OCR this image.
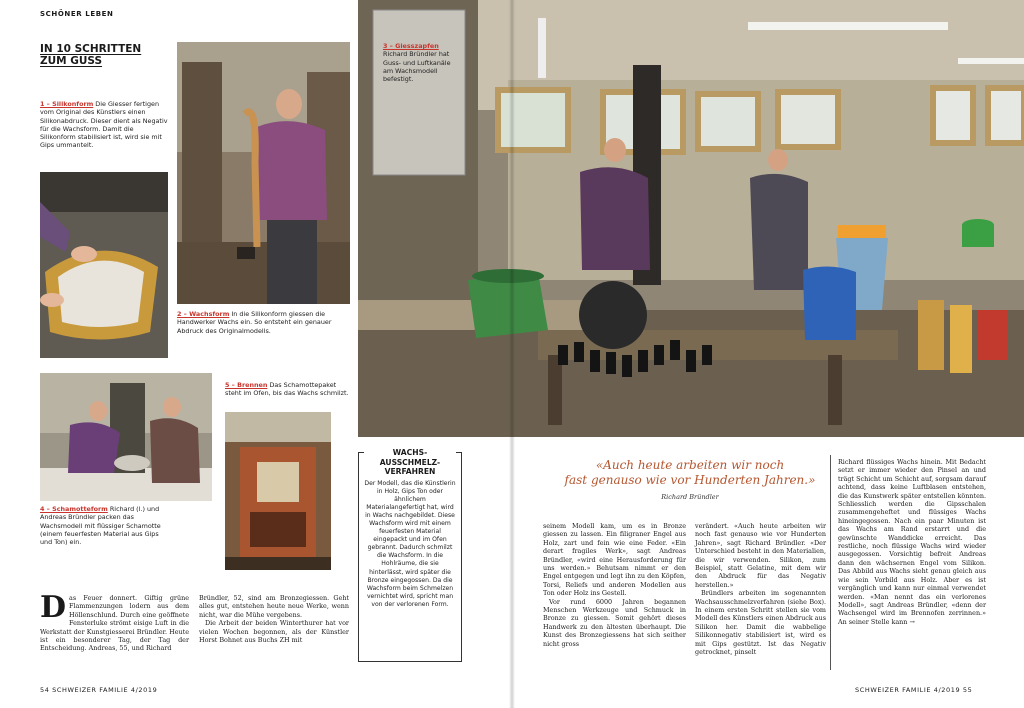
SCHÖNER LEBEN
IN 10 SCHRITTEN
ZUM GUSS
1 – Silikonform Die Giesser fertigen vom Original des Künstlers einen Silikonabdruck. Dieser dient als Negativ für die Wachsform. Damit die Silikonform stabilisiert ist, wird sie mit Gips ummantelt.
2 – Wachsform In die Silikonform giessen die Handwerker Wachs ein. So entsteht ein genauer Abdruck des Originalmodells.
4 – Schamotteform Richard (l.) und Andreas Bründler packen das Wachsmodell mit flüssiger Schamotte (einem feuerfesten Material aus Gips und Ton) ein.
5 – Brennen Das Schamottepaket steht im Ofen, bis das Wachs schmilzt.

Das Feuer donnert. Giftig grüne Flammenzungen lodern aus dem Höllenschlund. Durch eine geöffnete Fensterluke strömt eisige Luft in die Werkstatt der Kunstgiesserei Bründler. Heute ist ein besonderer Tag, der Tag der Entscheidung. Andreas, 55, und Richard

Bründler, 52, sind am Bronzegiessen. Geht alles gut, entstehen heute neue Werke, wenn nicht, war die Mühe vergebens.

Die Arbeit der beiden Winterthurer hat vor vielen Wochen begonnen, als der Künstler Horst Bohnet aus Buchs ZH mit

54 SCHWEIZER FAMILIE 4/2019
3 – Giesszapfen Richard Bründler hat Guss- und Luftkanäle am Wachsmodell befestigt.
WACHS-
AUSSCHMELZ-
VERFAHREN
Der Modell, das die Künstlerin in Holz, Gips Ton oder ähnlichem Materialangefertigt hat, wird in Wachs nachgebildet. Diese Wachsform wird mit einem feuerfesten Material eingepackt und im Ofen gebrannt. Dadurch schmilzt die Wachsform. In die Hohlräume, die sie hinterlässt, wird später die Bronze eingegossen. Da die Wachsform beim Schmelzen vernichtet wird, spricht man von der verlorenen Form.
«Auch heute arbeiten wir noch
fast genauso wie vor Hunderten Jahren.»
Richard Bründler

seinem Modell kam, um es in Bronze giessen zu lassen. Ein filigraner Engel aus Holz, zart und fein wie eine Feder. «Ein derart fragiles Werk», sagt Andreas Bründler, «wird eine Herausforderung für uns werden.» Behutsam nimmt er den Engel entgegen und legt ihn zu den Köpfen, Torsi, Reliefs und anderen Modellen aus Ton oder Holz ins Gestell.

Vor rund 6000 Jahren begannen Menschen Werkzeuge und Schmuck in Bronze zu giessen. Somit gehört dieses Handwerk zu den ältesten überhaupt. Die Kunst des Bronzegiessens hat sich seither nicht gross

verändert. «Auch heute arbeiten wir noch fast genauso wie vor Hunderten Jahren», sagt Richard Bründler. «Der Unterschied besteht in den Materialien, die wir verwenden. Silikon, zum Beispiel, statt Gelatine, mit dem wir den Abdruck für das Negativ herstellen.»

Bründlers arbeiten im sogenannten Wachsausschmelzverfahren (siehe Box). In einem ersten Schritt stellen sie vom Modell des Künstlers einen Abdruck aus Silikon her. Damit die wabbelige Silikonnegativ stabilisiert ist, wird es mit Gips gestützt. Ist das Negativ getrocknet, pinselt

Richard flüssiges Wachs hinein. Mit Bedacht setzt er immer wieder den Pinsel an und trägt Schicht um Schicht auf, sorgsam darauf achtend, dass keine Luftblasen entstehen, die das Kunstwerk später entstellen könnten. Schliesslich werden die Gipsschalen zusammengeheftet und flüssiges Wachs hineingegossen. Nach ein paar Minuten ist das Wachs am Rand erstarrt und die gewünschte Wanddicke erreicht. Das restliche, noch flüssige Wachs wird wieder ausgegossen. Vorsichtig befreit Andreas dann den wächsernen Engel vom Silikon. Das Abbild aus Wachs sieht genau gleich aus wie sein Vorbild aus Holz. Aber es ist vergänglich und kann nur einmal verwendet werden. «Man nennt das ein verlorenes Modell», sagt Andreas Bründler, «denn der Wachsengel wird im Brennofen zerrinnen.» An seiner Stelle kann →

SCHWEIZER FAMILIE 4/2019 55
